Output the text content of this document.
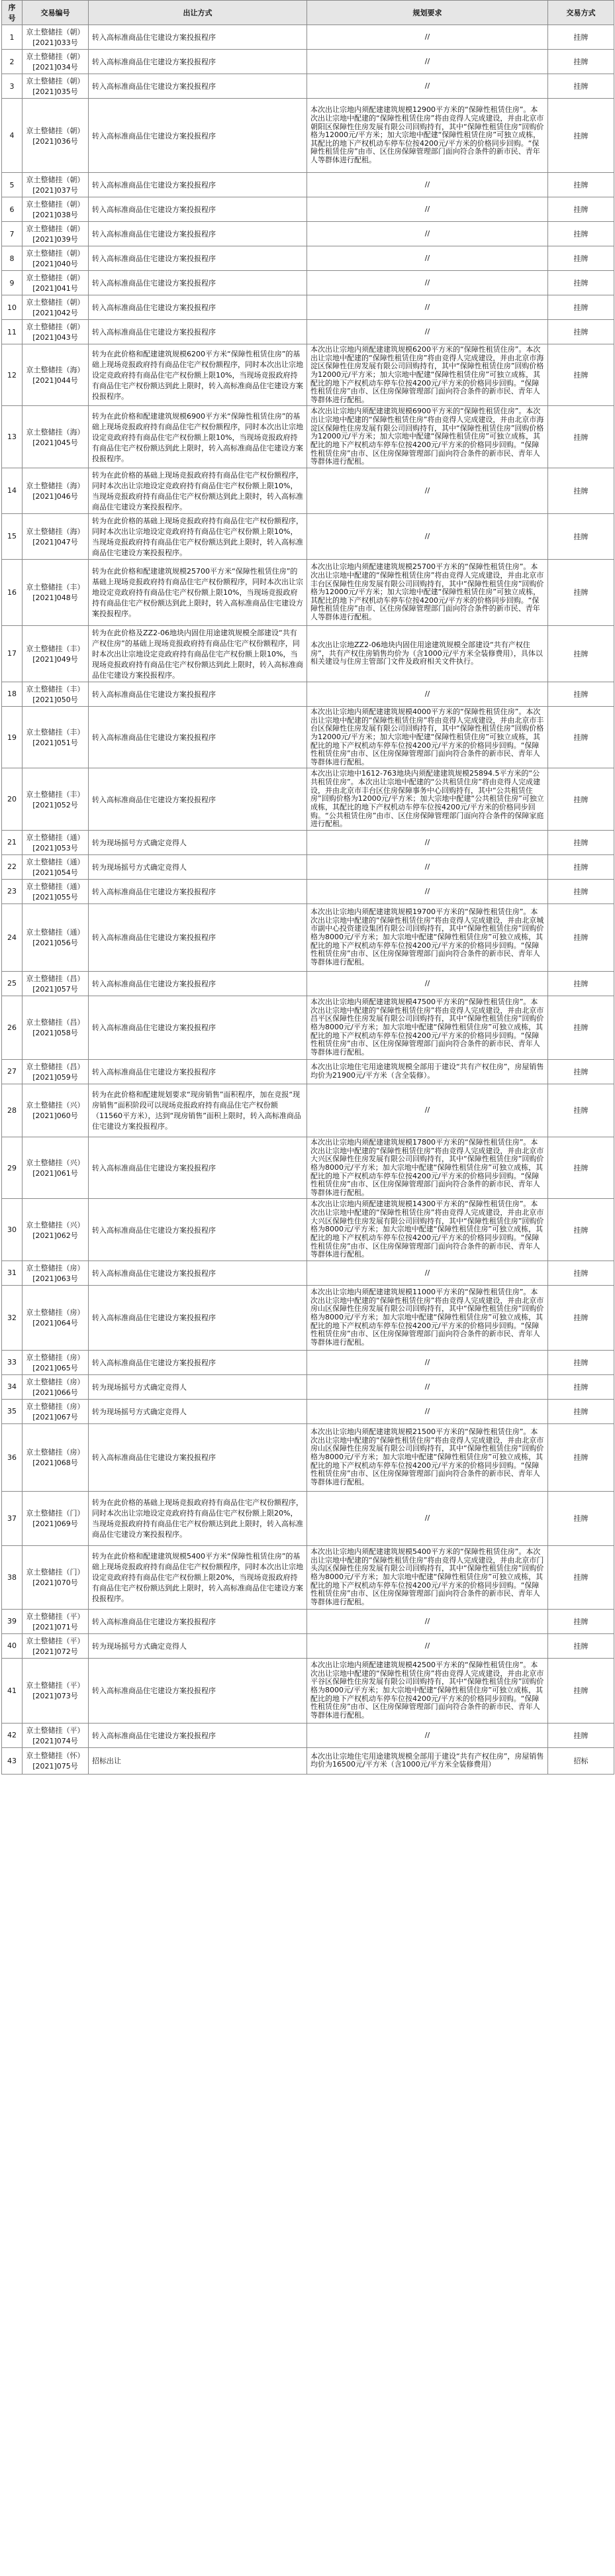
序号	交易编号	出让方式	规划要求	交易方式
1	京土整储挂（朝）[2021]033号	转入高标准商品住宅建设方案投报程序	//	挂牌
2	京土整储挂（朝）[2021]034号	转入高标准商品住宅建设方案投报程序	//	挂牌
3	京土整储挂（朝）[2021]035号	转入高标准商品住宅建设方案投报程序	//	挂牌
4	京土整储挂（朝）[2021]036号	转入高标准商品住宅建设方案投报程序	本次出让宗地内须配建建筑规模12900平方米的“保障性租赁住房”。本次出让宗地中配建的“保障性租赁住房”将由竞得人完成建设，并由北京市朝阳区保障性住房发展有限公司回购持有，其中“保障性租赁住房”回购价格为12000元/平方米；加大宗地中配建“保障性租赁住房”可独立成栋，其配比的地下产权机动车停车位按4200元/平方米的价格同步回购。“保障性租赁住房”由市、区住房保障管理部门面向符合条件的新市民、青年人等群体进行配租。	挂牌
5	京土整储挂（朝）[2021]037号	转入高标准商品住宅建设方案投报程序	//	挂牌
6	京土整储挂（朝）[2021]038号	转入高标准商品住宅建设方案投报程序	//	挂牌
7	京土整储挂（朝）[2021]039号	转入高标准商品住宅建设方案投报程序	//	挂牌
8	京土整储挂（朝）[2021]040号	转入高标准商品住宅建设方案投报程序	//	挂牌
9	京土整储挂（朝）[2021]041号	转入高标准商品住宅建设方案投报程序	//	挂牌
10	京土整储挂（朝）[2021]042号	转入高标准商品住宅建设方案投报程序	//	挂牌
11	京土整储挂（朝）[2021]043号	转入高标准商品住宅建设方案投报程序	//	挂牌
12	京土整储挂（海）[2021]044号	转为在此价格和配建建筑规模6200平方米“保障性租赁住房”的基础上现场竞报政府持有商品住宅产权份额程序，同时本次出让宗地设定竞政府持有商品住宅产权份额上限10%，当现场竞报政府持有商品住宅产权份额达到此上限时，转入高标准商品住宅建设方案投报程序。	本次出让宗地内须配建建筑规模6200平方米的“保障性租赁住房”。本次出让宗地中配建的“保障性租赁住房”将由竞得人完成建设，并由北京市海淀区保障性住房发展有限公司回购持有，其中“保障性租赁住房”回购价格为12000元/平方米；加大宗地中配建“保障性租赁住房”可独立成栋，其配比的地下产权机动车停车位按4200元/平方米的价格同步回购。“保障性租赁住房”由市、区住房保障管理部门面向符合条件的新市民、青年人等群体进行配租。	挂牌
13	京土整储挂（海）[2021]045号	转为在此价格和配建建筑规模6900平方米“保障性租赁住房”的基础上现场竞报政府持有商品住宅产权份额程序，同时本次出让宗地设定竞政府持有商品住宅产权份额上限10%，当现场竞报政府持有商品住宅产权份额达到此上限时，转入高标准商品住宅建设方案投报程序。	本次出让宗地内须配建建筑规模6900平方米的“保障性租赁住房”。本次出让宗地中配建的“保障性租赁住房”将由竞得人完成建设，并由北京市海淀区保障性住房发展有限公司回购持有，其中“保障性租赁住房”回购价格为12000元/平方米；加大宗地中配建“保障性租赁住房”可独立成栋，其配比的地下产权机动车停车位按4200元/平方米的价格同步回购。“保障性租赁住房”由市、区住房保障管理部门面向符合条件的新市民、青年人等群体进行配租。	挂牌
14	京土整储挂（海）[2021]046号	转为在此价格的基础上现场竞报政府持有商品住宅产权份额程序，同时本次出让宗地设定竞政府持有商品住宅产权份额上限10%，当现场竞报政府持有商品住宅产权份额达到此上限时，转入高标准商品住宅建设方案投报程序。	//	挂牌
15	京土整储挂（海）[2021]047号	转为在此价格的基础上现场竞报政府持有商品住宅产权份额程序，同时本次出让宗地设定竞政府持有商品住宅产权份额上限10%，当现场竞报政府持有商品住宅产权份额达到此上限时，转入高标准商品住宅建设方案投报程序。	//	挂牌
16	京土整储挂（丰）[2021]048号	转为在此价格和配建建筑规模25700平方米“保障性租赁住房”的基础上现场竞报政府持有商品住宅产权份额程序，同时本次出让宗地设定竞政府持有商品住宅产权份额上限10%，当现场竞报政府持有商品住宅产权份额达到此上限时，转入高标准商品住宅建设方案投报程序。	本次出让宗地内须配建建筑规模25700平方米的“保障性租赁住房”。本次出让宗地中配建的“保障性租赁住房”将由竞得人完成建设，并由北京市丰台区保障性住房发展有限公司回购持有，其中“保障性租赁住房”回购价格为12000元/平方米；加大宗地中配建“保障性租赁住房”可独立成栋，其配比的地下产权机动车停车位按4200元/平方米的价格同步回购。“保障性租赁住房”由市、区住房保障管理部门面向符合条件的新市民、青年人等群体进行配租。	挂牌
17	京土整储挂（丰）[2021]049号	转为在此价格及ZZ2-06地块内固住用途建筑规模全部建设“共有产权住房”的基础上现场竞报政府持有商品住宅产权份额程序，同时本次出让宗地设定竞政府持有商品住宅产权份额上限10%，当现场竞报政府持有商品住宅产权份额达到此上限时，转入高标准商品住宅建设方案投报程序。	本次出让宗地ZZ2-06地块内固住用途建筑规模全部建设“共有产权住房”，共有产权住房销售均价为（含1000元/平方米全装修费用），具体以相关建设与住房主管部门文件及政府相关文件执行。	挂牌
18	京土整储挂（丰）[2021]050号	转入高标准商品住宅建设方案投报程序	//	挂牌
19	京土整储挂（丰）[2021]051号	转入高标准商品住宅建设方案投报程序	本次出让宗地内须配建建筑规模4000平方米的“保障性租赁住房”。本次出让宗地中配建的“保障性租赁住房”将由竞得人完成建设，并由北京市丰台区保障性住房发展有限公司回购持有，其中“保障性租赁住房”回购价格为12000元/平方米；加大宗地中配建“保障性租赁住房”可独立成栋，其配比的地下产权机动车停车位按4200元/平方米的价格同步回购。“保障性租赁住房”由市、区住房保障管理部门面向符合条件的新市民、青年人等群体进行配租。	挂牌
20	京土整储挂（丰）[2021]052号	转入高标准商品住宅建设方案投报程序	本次出让宗地中1612-763地块内须配建建筑规模25894.5平方米的“公共租赁住房”。本次出让宗地中配建的“公共租赁住房”将由竞得人完成建设，并由北京市丰台区住房保障事务中心回购持有，其中“公共租赁住房”回购价格为12000元/平方米；加大宗地中配建“公共租赁住房”可独立成栋，其配比的地下产权机动车停车位按4200元/平方米的价格同步回购。“公共租赁住房”由市、区住房保障管理部门面向符合条件的保障家庭进行配租。	挂牌
21	京土整储挂（通）[2021]053号	转为现场摇号方式确定竞得人	//	挂牌
22	京土整储挂（通）[2021]054号	转为现场摇号方式确定竞得人	//	挂牌
23	京土整储挂（通）[2021]055号	转入高标准商品住宅建设方案投报程序	//	挂牌
24	京土整储挂（通）[2021]056号	转入高标准商品住宅建设方案投报程序	本次出让宗地内须配建建筑规模19700平方米的“保障性租赁住房”。本次出让宗地中配建的“保障性租赁住房”将由竞得人完成建设，并由北京城市副中心投资建设集团有限公司回购持有，其中“保障性租赁住房”回购价格为8000元/平方米；加大宗地中配建“保障性租赁住房”可独立成栋，其配比的地下产权机动车停车位按4200元/平方米的价格同步回购。“保障性租赁住房”由市、区住房保障管理部门面向符合条件的新市民、青年人等群体进行配租。	挂牌
25	京土整储挂（昌）[2021]057号	转入高标准商品住宅建设方案投报程序	//	挂牌
26	京土整储挂（昌）[2021]058号	转入高标准商品住宅建设方案投报程序	本次出让宗地内须配建建筑规模47500平方米的“保障性租赁住房”。本次出让宗地中配建的“保障性租赁住房”将由竞得人完成建设，并由北京市昌平区保障性住房发展有限公司回购持有，其中“保障性租赁住房”回购价格为8000元/平方米；加大宗地中配建“保障性租赁住房”可独立成栋，其配比的地下产权机动车停车位按4200元/平方米的价格同步回购。“保障性租赁住房”由市、区住房保障管理部门面向符合条件的新市民、青年人等群体进行配租。	挂牌
27	京土整储挂（昌）[2021]059号	转入高标准商品住宅建设方案投报程序	本次出让宗地住宅用途建筑规模全部用于建设“共有产权住房”，房屋销售均价为21900元/平方米（含全装修）。	挂牌
28	京土整储挂（兴）[2021]060号	转为在此价格和配建规划要求“现房销售”面积程序，加在竞报“现房销售”面积阶段可以现场竞报政府持有商品住宅产权份额（11560平方米），达到“现房销售”面积上限时，转入高标准商品住宅建设方案投报程序。	//	挂牌
29	京土整储挂（兴）[2021]061号	转入高标准商品住宅建设方案投报程序	本次出让宗地内须配建建筑规模17800平方米的“保障性租赁住房”。本次出让宗地中配建的“保障性租赁住房”将由竞得人完成建设，并由北京市大兴区保障性住房发展有限公司回购持有，其中“保障性租赁住房”回购价格为8000元/平方米；加大宗地中配建“保障性租赁住房”可独立成栋，其配比的地下产权机动车停车位按4200元/平方米的价格同步回购。“保障性租赁住房”由市、区住房保障管理部门面向符合条件的新市民、青年人等群体进行配租。	挂牌
30	京土整储挂（兴）[2021]062号	转入高标准商品住宅建设方案投报程序	本次出让宗地内须配建建筑规模14300平方米的“保障性租赁住房”。本次出让宗地中配建的“保障性租赁住房”将由竞得人完成建设，并由北京市大兴区保障性住房发展有限公司回购持有，其中“保障性租赁住房”回购价格为8000元/平方米；加大宗地中配建“保障性租赁住房”可独立成栋，其配比的地下产权机动车停车位按4200元/平方米的价格同步回购。“保障性租赁住房”由市、区住房保障管理部门面向符合条件的新市民、青年人等群体进行配租。	挂牌
31	京土整储挂（房）[2021]063号	转入高标准商品住宅建设方案投报程序	//	挂牌
32	京土整储挂（房）[2021]064号	转入高标准商品住宅建设方案投报程序	本次出让宗地内须配建建筑规模11000平方米的“保障性租赁住房”。本次出让宗地中配建的“保障性租赁住房”将由竞得人完成建设，并由北京市房山区保障性住房发展有限公司回购持有，其中“保障性租赁住房”回购价格为8000元/平方米；加大宗地中配建“保障性租赁住房”可独立成栋，其配比的地下产权机动车停车位按4200元/平方米的价格同步回购。“保障性租赁住房”由市、区住房保障管理部门面向符合条件的新市民、青年人等群体进行配租。	挂牌
33	京土整储挂（房）[2021]065号	转入高标准商品住宅建设方案投报程序	//	挂牌
34	京土整储挂（房）[2021]066号	转为现场摇号方式确定竞得人	//	挂牌
35	京土整储挂（房）[2021]067号	转为现场摇号方式确定竞得人	//	挂牌
36	京土整储挂（房）[2021]068号	转入高标准商品住宅建设方案投报程序	本次出让宗地内须配建建筑规模21500平方米的“保障性租赁住房”。本次出让宗地中配建的“保障性租赁住房”将由竞得人完成建设，并由北京市房山区保障性住房发展有限公司回购持有，其中“保障性租赁住房”回购价格为8000元/平方米；加大宗地中配建“保障性租赁住房”可独立成栋，其配比的地下产权机动车停车位按4200元/平方米的价格同步回购。“保障性租赁住房”由市、区住房保障管理部门面向符合条件的新市民、青年人等群体进行配租。	挂牌
37	京土整储挂（门）[2021]069号	转为在此价格的基础上现场竞报政府持有商品住宅产权份额程序，同时本次出让宗地设定竞政府持有商品住宅产权份额上限20%，当现场竞报政府持有商品住宅产权份额达到此上限时，转入高标准商品住宅建设方案投报程序。	//	挂牌
38	京土整储挂（门）[2021]070号	转为在此价格和配建建筑规模5400平方米“保障性租赁住房”的基础上现场竞报政府持有商品住宅产权份额程序，同时本次出让宗地设定竞政府持有商品住宅产权份额上限20%，当现场竞报政府持有商品住宅产权份额达到此上限时，转入高标准商品住宅建设方案投报程序。	本次出让宗地内须配建建筑规模5400平方米的“保障性租赁住房”。本次出让宗地中配建的“保障性租赁住房”将由竞得人完成建设，并由北京市门头沟区保障性住房发展有限公司回购持有，其中“保障性租赁住房”回购价格为8000元/平方米；加大宗地中配建“保障性租赁住房”可独立成栋，其配比的地下产权机动车停车位按4200元/平方米的价格同步回购。“保障性租赁住房”由市、区住房保障管理部门面向符合条件的新市民、青年人等群体进行配租。	挂牌
39	京土整储挂（平）[2021]071号	转入高标准商品住宅建设方案投报程序	//	挂牌
40	京土整储挂（平）[2021]072号	转为现场摇号方式确定竞得人	//	挂牌
41	京土整储挂（平）[2021]073号	转入高标准商品住宅建设方案投报程序	本次出让宗地内须配建建筑规模42500平方米的“保障性租赁住房”。本次出让宗地中配建的“保障性租赁住房”将由竞得人完成建设，并由北京市平谷区保障性住房发展有限公司回购持有，其中“保障性租赁住房”回购价格为8000元/平方米；加大宗地中配建“保障性租赁住房”可独立成栋，其配比的地下产权机动车停车位按4200元/平方米的价格同步回购。“保障性租赁住房”由市、区住房保障管理部门面向符合条件的新市民、青年人等群体进行配租。	挂牌
42	京土整储挂（平）[2021]074号	转入高标准商品住宅建设方案投报程序	//	挂牌
43	京土整储挂（怀）[2021]075号	招标出让	本次出让宗地住宅用途建筑规模全部用于建设“共有产权住房”，房屋销售均价为16500元/平方米（含1000元/平方米全装修费用）	招标
